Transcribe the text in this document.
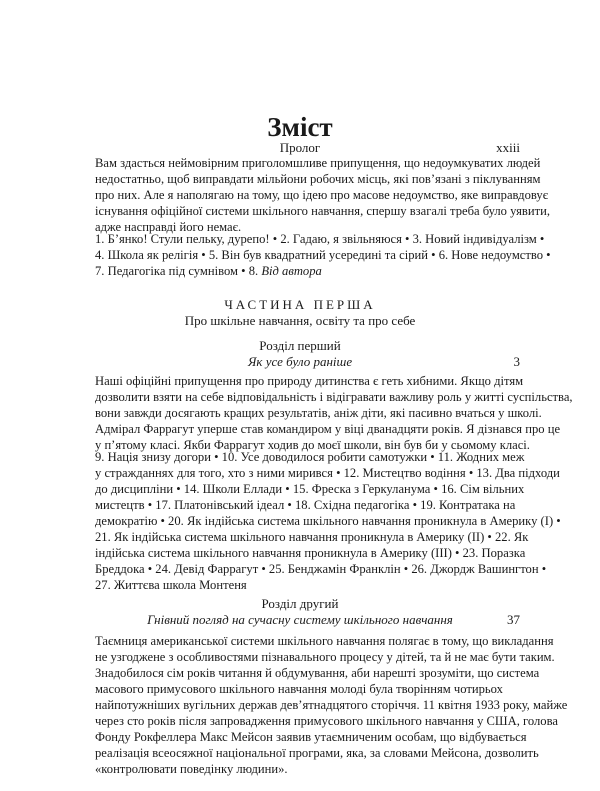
Зміст
Пролог	xxiii
Вам здасться неймовірним приголомшливе припущення, що недоумкуватих людей
недостатньо, щоб виправдати мільйони робочих місць, які пов’язані з піклуванням
про них. Але я наполягаю на тому, що ідею про масове недоумство, яке виправдовує
існування офіційної системи шкільного навчання, спершу взагалі треба було уявити,
адже насправді його немає.
1. Б’янко! Стули пельку, дурепо! • 2. Гадаю, я звільняюся • 3. Новий індивідуалізм •
4. Школа як релігія • 5. Він був квадратний усередині та сірий • 6. Нове недоумство •
7. Педагогіка під сумнівом • 8. Від автора
ЧАСТИНА ПЕРША
Про шкільне навчання, освіту та про себе
Розділ перший
Як усе було раніше	3
Наші офіційні припущення про природу дитинства є геть хибними. Якщо дітям
дозволити взяти на себе відповідальність і відігравати важливу роль у житті суспільства,
вони завжди досягають кращих результатів, аніж діти, які пасивно вчаться у школі.
Адмірал Фаррагут уперше став командиром у віці дванадцяти років. Я дізнався про це
у п’ятому класі. Якби Фаррагут ходив до моєї школи, він був би у сьомому класі.
9. Нація знизу догори • 10. Усе доводилося робити самотужки • 11. Жодних меж
у стражданнях для того, хто з ними мирився • 12. Мистецтво водіння • 13. Два підходи
до дисципліни • 14. Школи Еллади • 15. Фреска з Геркуланума • 16. Сім вільних
мистецтв • 17. Платонівський ідеал • 18. Східна педагогіка • 19. Контратака на
демократію • 20. Як індійська система шкільного навчання проникнула в Америку (I) •
21. Як індійська система шкільного навчання проникнула в Америку (II) • 22. Як
індійська система шкільного навчання проникнула в Америку (III) • 23. Поразка
Бреддока • 24. Девід Фаррагут • 25. Бенджамін Франклін • 26. Джордж Вашингтон •
27. Життєва школа Монтеня
Розділ другий
Гнівний погляд на сучасну систему шкільного навчання	37
Таємниця американської системи шкільного навчання полягає в тому, що викладання
не узгоджене з особливостями пізнавального процесу у дітей, та й не має бути таким.
Знадобилося сім років читання й обдумування, аби нарешті зрозуміти, що система
масового примусового шкільного навчання молоді була творінням чотирьох
найпотужніших вугільних держав дев’ятнадцятого сторіччя. 11 квітня 1933 року, майже
через сто років після запровадження примусового шкільного навчання у США, голова
Фонду Рокфеллера Макс Мейсон заявив утаємниченим особам, що відбувається
реалізація всеосяжної національної програми, яка, за словами Мейсона, дозволить
«контролювати поведінку людини».
